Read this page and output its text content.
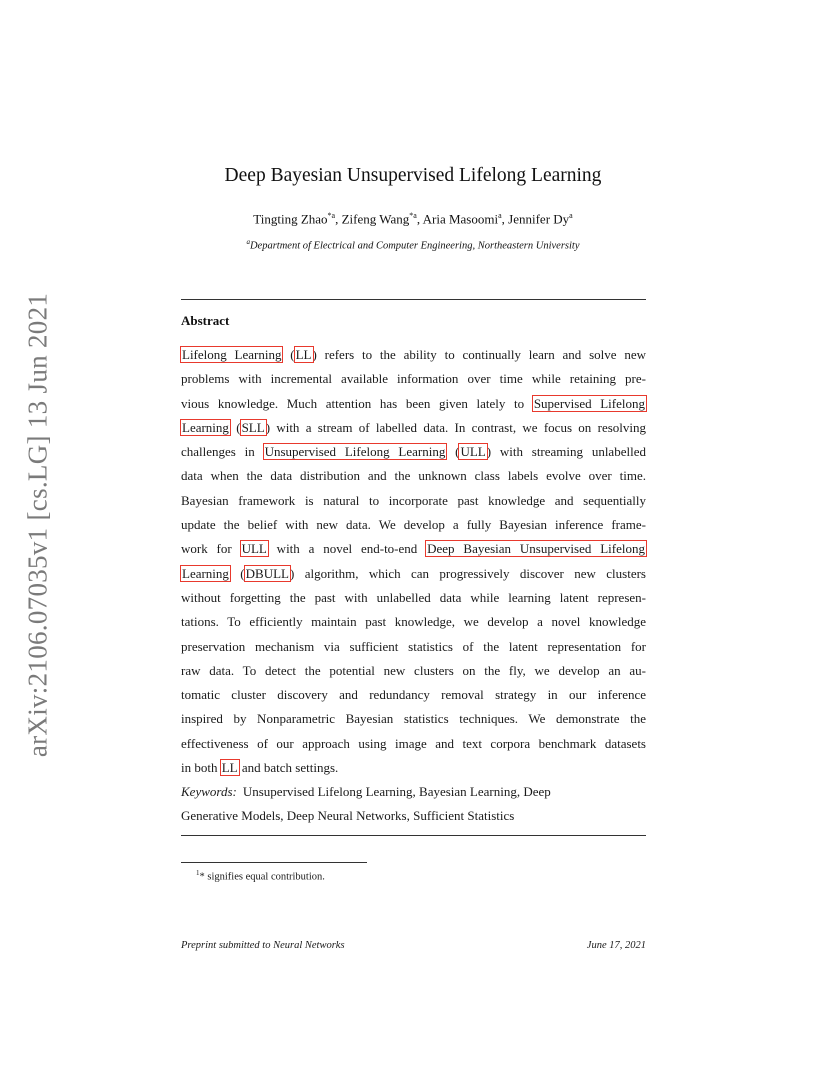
arXiv:2106.07035v1 [cs.LG] 13 Jun 2021
Deep Bayesian Unsupervised Lifelong Learning
Tingting Zhao$^{*a}$, Zifeng Wang$^{*a}$, Aria Masoomi$^a$, Jennifer Dy$^a$
$^a$Department of Electrical and Computer Engineering, Northeastern University
Abstract
Lifelong Learning (LL) refers to the ability to continually learn and solve new
problems with incremental available information over time while retaining pre-
vious knowledge. Much attention has been given lately to Supervised Lifelong
Learning (SLL) with a stream of labelled data. In contrast, we focus on resolving
challenges in Unsupervised Lifelong Learning (ULL) with streaming unlabelled
data when the data distribution and the unknown class labels evolve over time.
Bayesian framework is natural to incorporate past knowledge and sequentially
update the belief with new data. We develop a fully Bayesian inference frame-
work for ULL with a novel end-to-end Deep Bayesian Unsupervised Lifelong
Learning (DBULL) algorithm, which can progressively discover new clusters
without forgetting the past with unlabelled data while learning latent represen-
tations. To efficiently maintain past knowledge, we develop a novel knowledge
preservation mechanism via sufficient statistics of the latent representation for
raw data. To detect the potential new clusters on the fly, we develop an au-
tomatic cluster discovery and redundancy removal strategy in our inference
inspired by Nonparametric Bayesian statistics techniques. We demonstrate the
effectiveness of our approach using image and text corpora benchmark datasets
in both LL and batch settings.
Keywords: Unsupervised Lifelong Learning, Bayesian Learning, Deep
Generative Models, Deep Neural Networks, Sufficient Statistics
$^1$* signifies equal contribution.
Preprint submitted to Neural Networks	June 17, 2021
